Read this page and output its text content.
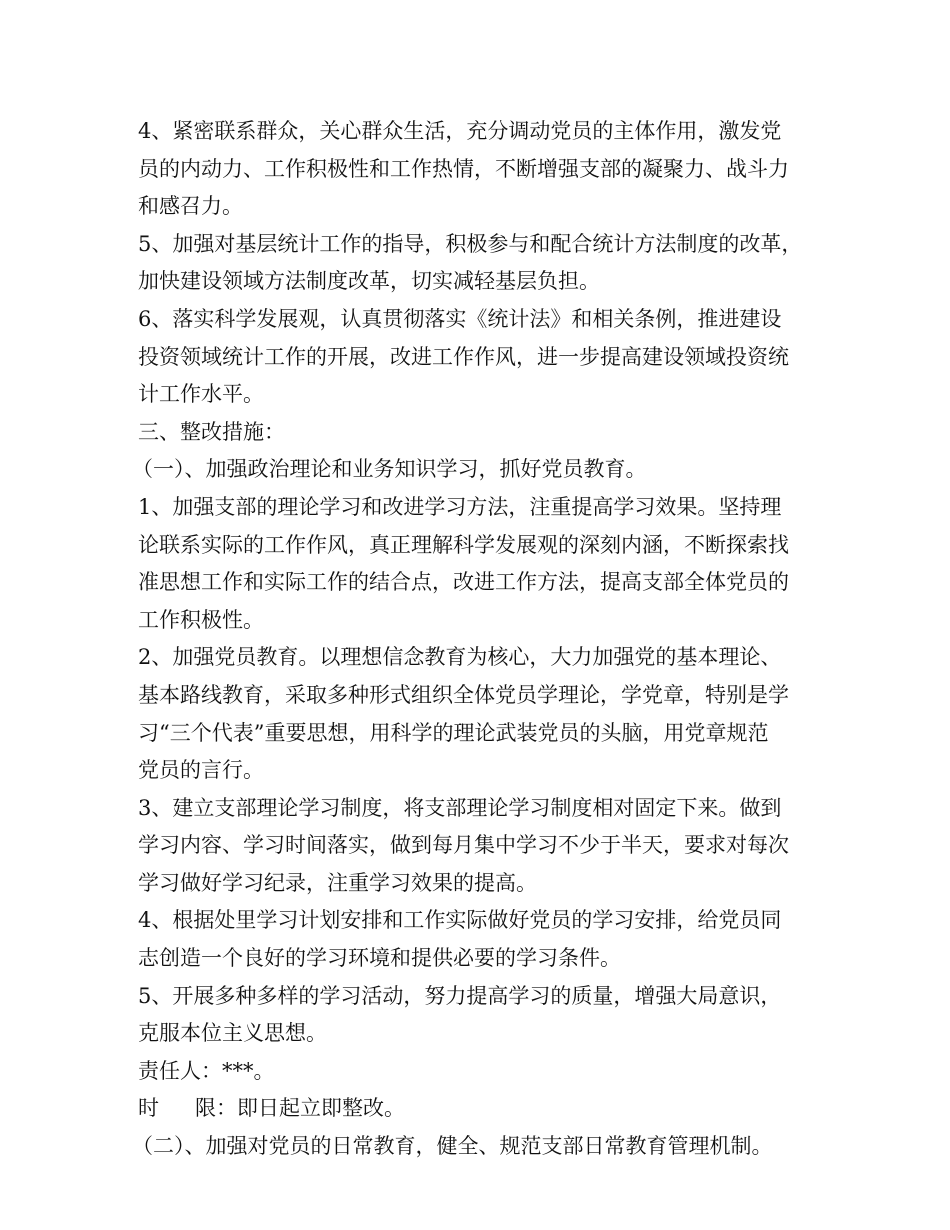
4、紧密联系群众，关心群众生活，充分调动党员的主体作用，激发党
员的内动力、工作积极性和工作热情，不断增强支部的凝聚力、战斗力
和感召力。
5、加强对基层统计工作的指导，积极参与和配合统计方法制度的改革，
加快建设领域方法制度改革，切实减轻基层负担。
6、落实科学发展观，认真贯彻落实《统计法》和相关条例，推进建设
投资领域统计工作的开展，改进工作作风，进一步提高建设领域投资统
计工作水平。
三、整改措施：
（一）、加强政治理论和业务知识学习，抓好党员教育。
1、加强支部的理论学习和改进学习方法，注重提高学习效果。坚持理
论联系实际的工作作风，真正理解科学发展观的深刻内涵，不断探索找
准思想工作和实际工作的结合点，改进工作方法，提高支部全体党员的
工作积极性。
2、加强党员教育。以理想信念教育为核心，大力加强党的基本理论、
基本路线教育，采取多种形式组织全体党员学理论，学党章，特别是学
习“三个代表”重要思想，用科学的理论武装党员的头脑，用党章规范
党员的言行。
3、建立支部理论学习制度，将支部理论学习制度相对固定下来。做到
学习内容、学习时间落实，做到每月集中学习不少于半天，要求对每次
学习做好学习纪录，注重学习效果的提高。
4、根据处里学习计划安排和工作实际做好党员的学习安排，给党员同
志创造一个良好的学习环境和提供必要的学习条件。
5、开展多种多样的学习活动，努力提高学习的质量，增强大局意识，
克服本位主义思想。
责任人：***。
时 限：即日起立即整改。
（二）、加强对党员的日常教育，健全、规范支部日常教育管理机制。
